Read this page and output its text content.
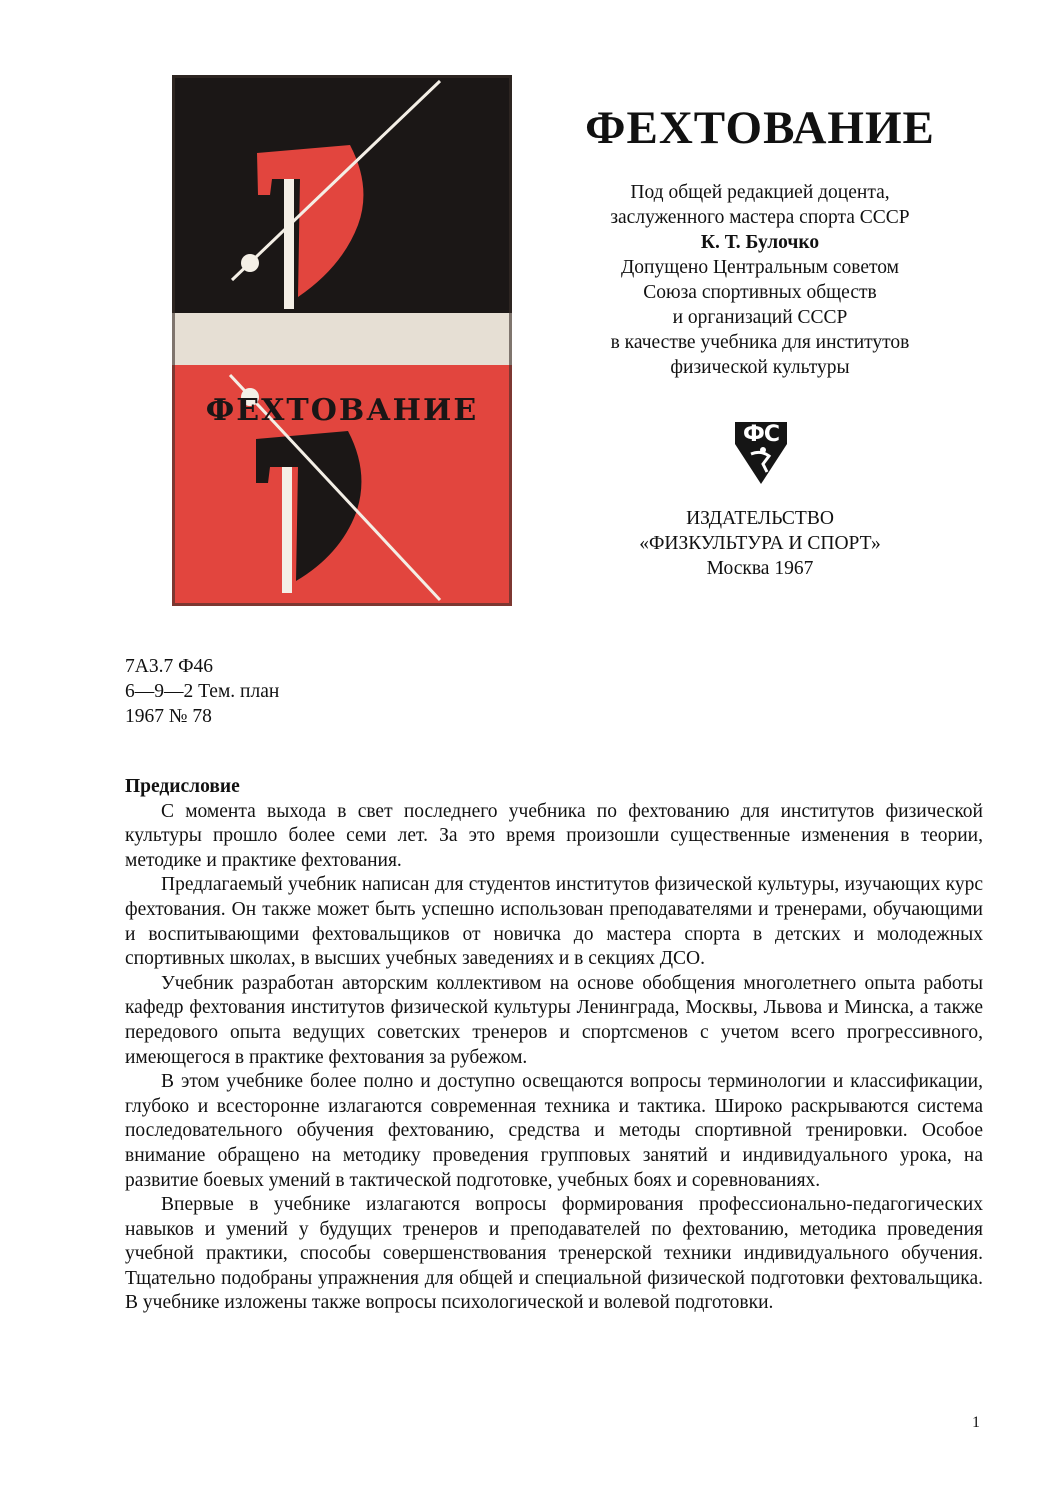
ФЕХТОВАНИЕ
ФЕХТОВАНИЕ
Под общей редакцией доцента,
заслуженного мастера спорта СССР
К. Т. Булочко
Допущено Центральным советом
Союза спортивных обществ
и организаций СССР
в качестве учебника для институтов
физической культуры
ФС
ИЗДАТЕЛЬСТВО
«ФИЗКУЛЬТУРА И СПОРТ»
Москва 1967
7А3.7 Ф46
6—9—2 Тем. план
1967 № 78
Предисловие

С момента выхода в свет последнего учебника по фехтованию для институтов физической культуры прошло более семи лет. За это время произошли существенные изменения в теории, методике и практике фехтования.

Предлагаемый учебник написан для студентов институтов физической культуры, изучающих курс фехтования. Он также может быть успешно использован преподавателями и тренерами, обучающими и воспитывающими фехтовальщиков от новичка до мастера спорта в детских и молодежных спортивных школах, в высших учебных заведениях и в секциях ДСО.

Учебник разработан авторским коллективом на основе обобщения многолетнего опыта работы кафедр фехтования институтов физической культуры Ленинграда, Москвы, Львова и Минска, а также передового опыта ведущих советских тренеров и спортсменов с учетом всего прогрессивного, имеющегося в практике фехтования за рубежом.

В этом учебнике более полно и доступно освещаются вопросы терминологии и классификации, глубоко и всесторонне излагаются современная техника и тактика. Широко раскрываются система последовательного обучения фехтованию, средства и методы спортивной тренировки. Особое внимание обращено на методику проведения групповых занятий и индивидуального урока, на развитие боевых умений в тактической подготовке, учебных боях и соревнованиях.

Впервые в учебнике излагаются вопросы формирования профессионально-педагогических навыков и умений у будущих тренеров и преподавателей по фехтованию, методика проведения учебной практики, способы совершенствования тренерской техники индивидуального обучения. Тщательно подобраны упражнения для общей и специальной физической подготовки фехтовальщика. В учебнике изложены также вопросы психологической и волевой подготовки.

1
